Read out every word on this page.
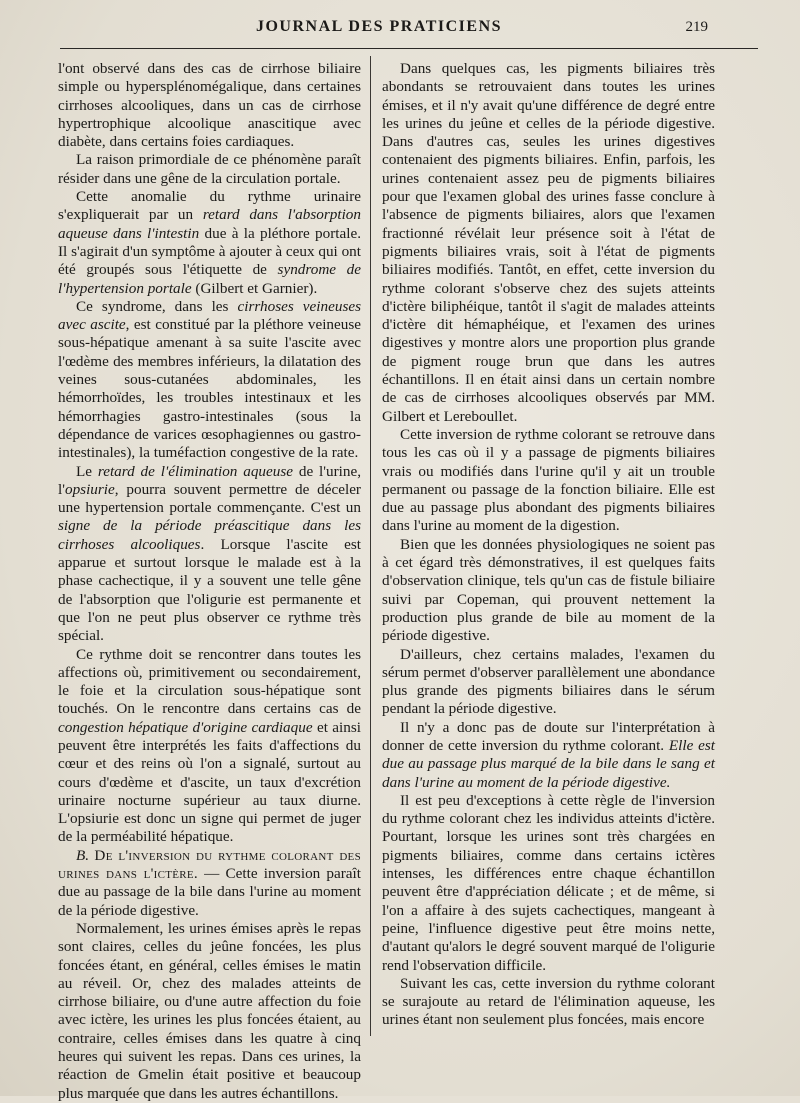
JOURNAL DES PRATICIENS	219

l'ont observé dans des cas de cirrhose biliaire simple ou hypersplénomégalique, dans certaines cirrhoses alcooliques, dans un cas de cirrhose hypertrophique alcoolique anascitique avec diabète, dans certains foies cardiaques.

La raison primordiale de ce phénomène paraît résider dans une gêne de la circulation portale.

Cette anomalie du rythme urinaire s'expliquerait par un retard dans l'absorption aqueuse dans l'intestin due à la pléthore portale. Il s'agirait d'un symptôme à ajouter à ceux qui ont été groupés sous l'étiquette de syndrome de l'hypertension portale (Gilbert et Garnier).

Ce syndrome, dans les cirrhoses veineuses avec ascite, est constitué par la pléthore veineuse sous-hépatique amenant à sa suite l'ascite avec l'œdème des membres inférieurs, la dilatation des veines sous-cutanées abdominales, les hémorrhoïdes, les troubles intestinaux et les hémorrhagies gastro-intestinales (sous la dépendance de varices œsophagiennes ou gastro-intestinales), la tuméfaction congestive de la rate.

Le retard de l'élimination aqueuse de l'urine, l'opsiurie, pourra souvent permettre de déceler une hypertension portale commençante. C'est un signe de la période préascitique dans les cirrhoses alcooliques. Lorsque l'ascite est apparue et surtout lorsque le malade est à la phase cachectique, il y a souvent une telle gêne de l'absorption que l'oligurie est permanente et que l'on ne peut plus observer ce rythme très spécial.

Ce rythme doit se rencontrer dans toutes les affections où, primitivement ou secondairement, le foie et la circulation sous-hépatique sont touchés. On le rencontre dans certains cas de congestion hépatique d'origine cardiaque et ainsi peuvent être interprétés les faits d'affections du cœur et des reins où l'on a signalé, surtout au cours d'œdème et d'ascite, un taux d'excrétion urinaire nocturne supérieur au taux diurne. L'opsiurie est donc un signe qui permet de juger de la perméabilité hépatique.

B. De l'inversion du rythme colorant des urines dans l'ictère. — Cette inversion paraît due au passage de la bile dans l'urine au moment de la période digestive.

Normalement, les urines émises après le repas sont claires, celles du jeûne foncées, les plus foncées étant, en général, celles émises le matin au réveil. Or, chez des malades atteints de cirrhose biliaire, ou d'une autre affection du foie avec ictère, les urines les plus foncées étaient, au contraire, celles émises dans les quatre à cinq heures qui suivent les repas. Dans ces urines, la réaction de Gmelin était positive et beaucoup plus marquée que dans les autres échantillons.

Dans quelques cas, les pigments biliaires très abondants se retrouvaient dans toutes les urines émises, et il n'y avait qu'une différence de degré entre les urines du jeûne et celles de la période digestive. Dans d'autres cas, seules les urines digestives contenaient des pigments biliaires. Enfin, parfois, les urines contenaient assez peu de pigments biliaires pour que l'examen global des urines fasse conclure à l'absence de pigments biliaires, alors que l'examen fractionné révélait leur présence soit à l'état de pigments biliaires vrais, soit à l'état de pigments biliaires modifiés. Tantôt, en effet, cette inversion du rythme colorant s'observe chez des sujets atteints d'ictère biliphéique, tantôt il s'agit de malades atteints d'ictère dit hémaphéique, et l'examen des urines digestives y montre alors une proportion plus grande de pigment rouge brun que dans les autres échantillons. Il en était ainsi dans un certain nombre de cas de cirrhoses alcooliques observés par MM. Gilbert et Lereboullet.

Cette inversion de rythme colorant se retrouve dans tous les cas où il y a passage de pigments biliaires vrais ou modifiés dans l'urine qu'il y ait un trouble permanent ou passage de la fonction biliaire. Elle est due au passage plus abondant des pigments biliaires dans l'urine au moment de la digestion.

Bien que les données physiologiques ne soient pas à cet égard très démonstratives, il est quelques faits d'observation clinique, tels qu'un cas de fistule biliaire suivi par Copeman, qui prouvent nettement la production plus grande de bile au moment de la période digestive.

D'ailleurs, chez certains malades, l'examen du sérum permet d'observer parallèlement une abondance plus grande des pigments biliaires dans le sérum pendant la période digestive.

Il n'y a donc pas de doute sur l'interprétation à donner de cette inversion du rythme colorant. Elle est due au passage plus marqué de la bile dans le sang et dans l'urine au moment de la période digestive.

Il est peu d'exceptions à cette règle de l'inversion du rythme colorant chez les individus atteints d'ictère. Pourtant, lorsque les urines sont très chargées en pigments biliaires, comme dans certains ictères intenses, les différences entre chaque échantillon peuvent être d'appréciation délicate ; et de même, si l'on a affaire à des sujets cachectiques, mangeant à peine, l'influence digestive peut être moins nette, d'autant qu'alors le degré souvent marqué de l'oligurie rend l'observation difficile.

Suivant les cas, cette inversion du rythme colorant se surajoute au retard de l'élimination aqueuse, les urines étant non seulement plus foncées, mais encore
